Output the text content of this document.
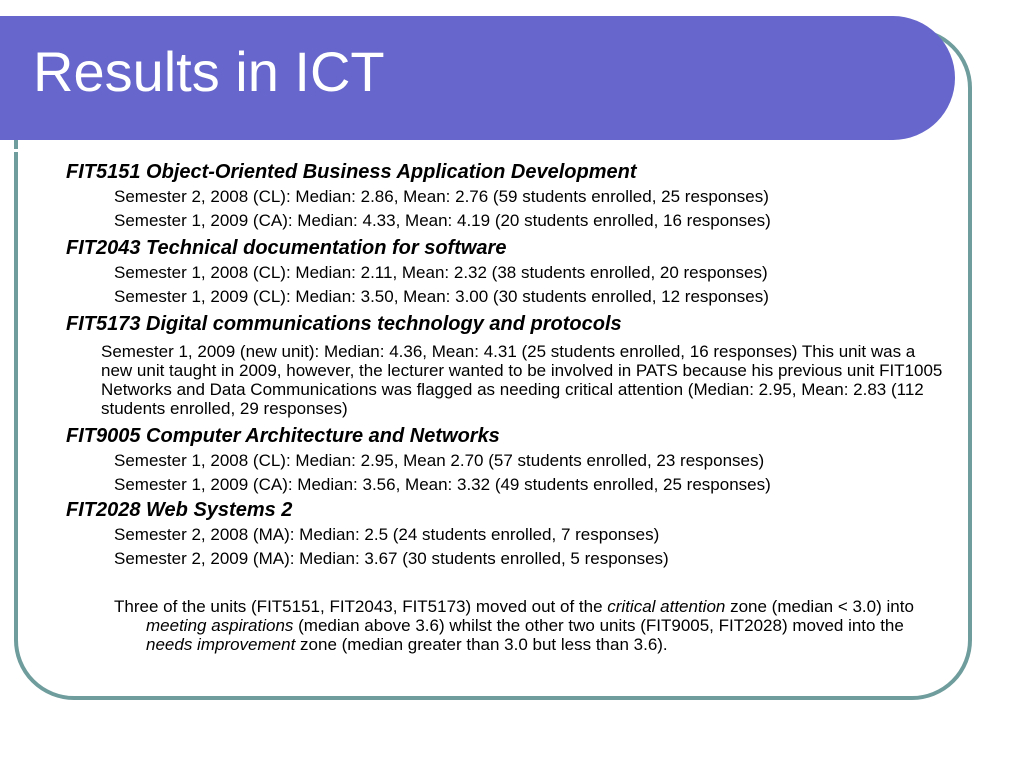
Results in ICT

FIT5151 Object-Oriented Business Application Development

Semester 2, 2008 (CL): Median: 2.86, Mean: 2.76 (59 students enrolled, 25 responses)

Semester 1, 2009 (CA): Median: 4.33, Mean: 4.19 (20 students enrolled, 16 responses)

FIT2043 Technical documentation for software

Semester 1, 2008 (CL): Median: 2.11, Mean: 2.32 (38 students enrolled, 20 responses)

Semester 1, 2009 (CL): Median: 3.50, Mean: 3.00 (30 students enrolled, 12 responses)

FIT5173 Digital communications technology and protocols

Semester 1, 2009 (new unit): Median: 4.36, Mean: 4.31 (25 students enrolled, 16 responses) This unit was a new unit taught in 2009, however, the lecturer wanted to be involved in PATS because his previous unit FIT1005 Networks and Data Communications was flagged as needing critical attention (Median: 2.95, Mean: 2.83 (112 students enrolled, 29 responses)

FIT9005 Computer Architecture and Networks

Semester 1, 2008 (CL): Median: 2.95, Mean 2.70 (57 students enrolled, 23 responses)

Semester 1, 2009 (CA): Median: 3.56, Mean: 3.32 (49 students enrolled, 25 responses)

FIT2028 Web Systems 2

Semester 2, 2008 (MA): Median: 2.5 (24 students enrolled, 7 responses)

Semester 2, 2009 (MA): Median: 3.67 (30 students enrolled, 5 responses)

Three of the units (FIT5151, FIT2043, FIT5173) moved out of the critical attention zone (median < 3.0) into meeting aspirations (median above 3.6) whilst the other two units (FIT9005, FIT2028) moved into the needs improvement zone (median greater than 3.0 but less than 3.6).
